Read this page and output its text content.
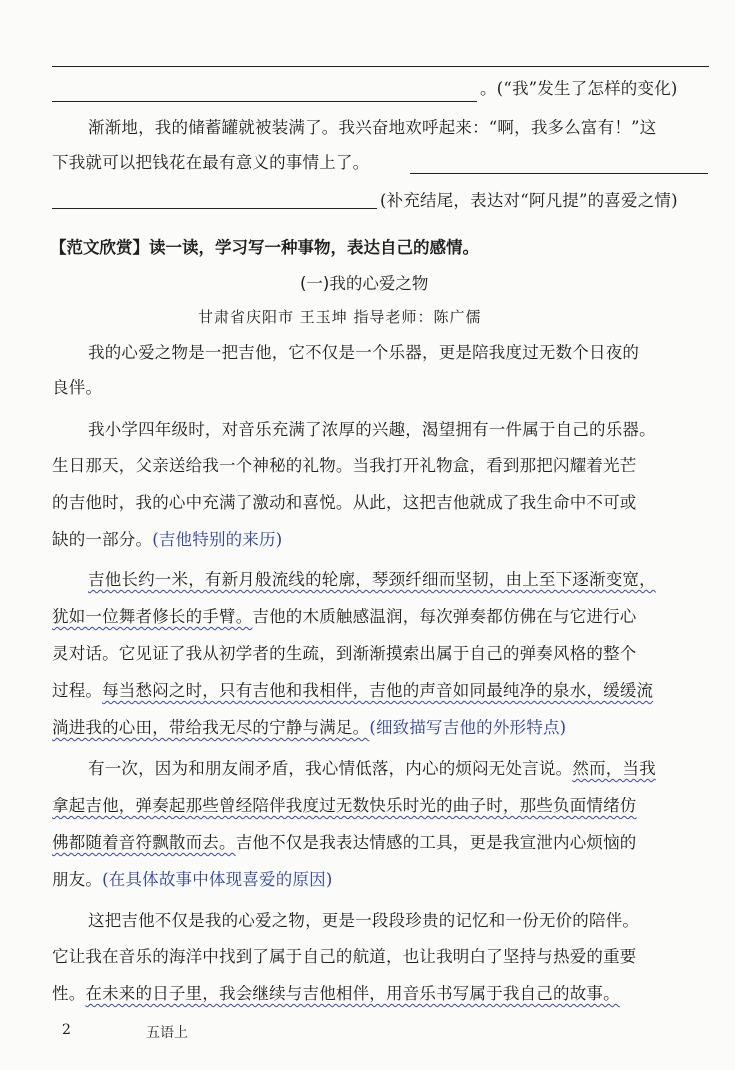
。(“我”发生了怎样的变化)
渐渐地，我的储蓄罐就被装满了。我兴奋地欢呼起来：“啊，我多么富有！”这
下我就可以把钱花在最有意义的事情上了。
(补充结尾，表达对“阿凡提”的喜爱之情)
【范文欣赏】读一读，学习写一种事物，表达自己的感情。
(一)我的心爱之物
甘肃省庆阳市 王玉坤 指导老师：陈广儒
我的心爱之物是一把吉他，它不仅是一个乐器，更是陪我度过无数个日夜的
良伴。
我小学四年级时，对音乐充满了浓厚的兴趣，渴望拥有一件属于自己的乐器。
生日那天，父亲送给我一个神秘的礼物。当我打开礼物盒，看到那把闪耀着光芒
的吉他时，我的心中充满了激动和喜悦。从此，这把吉他就成了我生命中不可或
缺的一部分。(吉他特别的来历)
吉他长约一米，有新月般流线的轮廓，琴颈纤细而坚韧，由上至下逐渐变宽，
犹如一位舞者修长的手臂。吉他的木质触感温润，每次弹奏都仿佛在与它进行心
灵对话。它见证了我从初学者的生疏，到渐渐摸索出属于自己的弹奏风格的整个
过程。每当愁闷之时，只有吉他和我相伴，吉他的声音如同最纯净的泉水，缓缓流
淌进我的心田，带给我无尽的宁静与满足。(细致描写吉他的外形特点)
有一次，因为和朋友闹矛盾，我心情低落，内心的烦闷无处言说。然而，当我
拿起吉他，弹奏起那些曾经陪伴我度过无数快乐时光的曲子时，那些负面情绪仿
佛都随着音符飘散而去。吉他不仅是我表达情感的工具，更是我宣泄内心烦恼的
朋友。(在具体故事中体现喜爱的原因)
这把吉他不仅是我的心爱之物，更是一段段珍贵的记忆和一份无价的陪伴。
它让我在音乐的海洋中找到了属于自己的航道，也让我明白了坚持与热爱的重要
性。在未来的日子里，我会继续与吉他相伴，用音乐书写属于我自己的故事。
2	五语上
